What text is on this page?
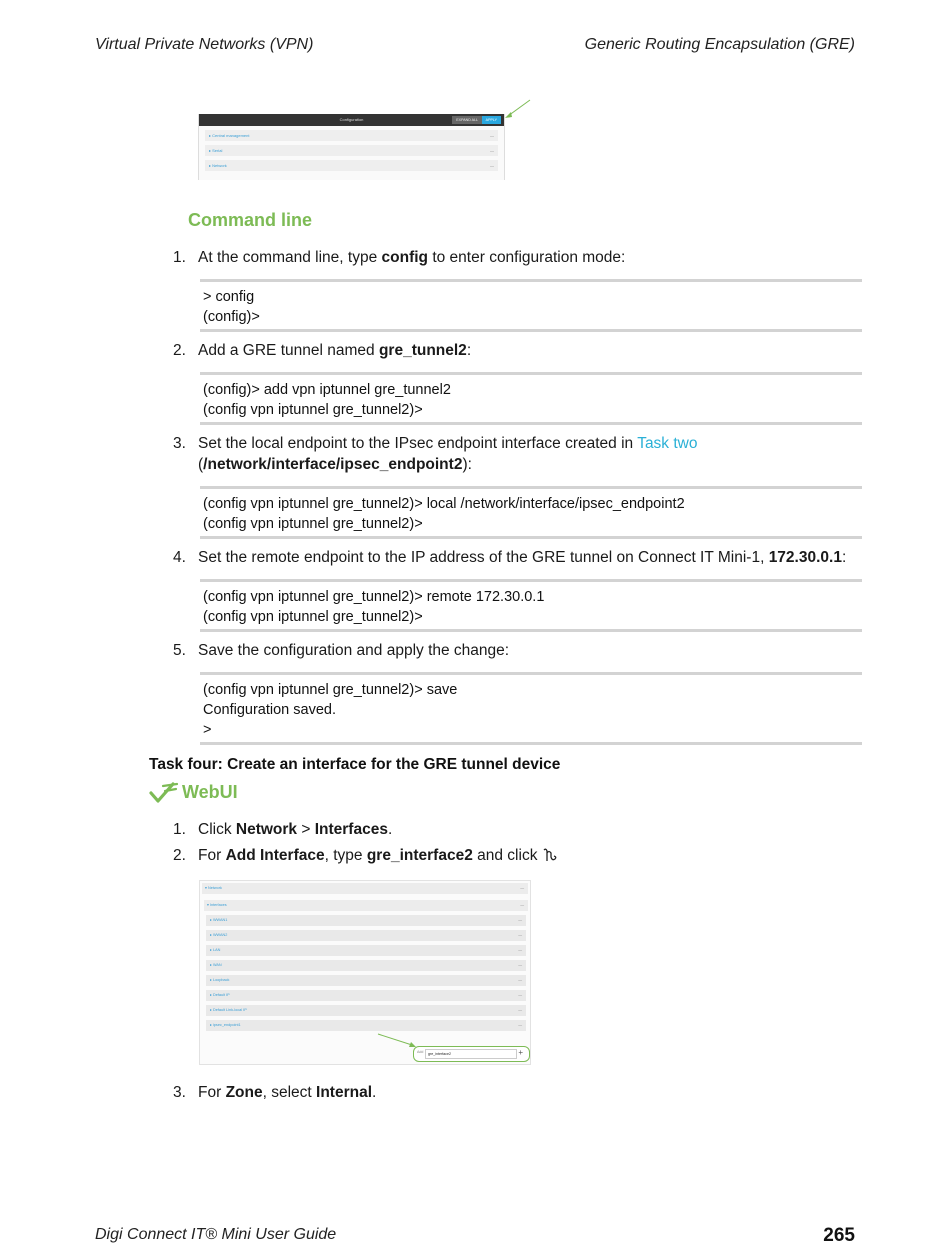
Virtual Private Networks (VPN)	Generic Routing Encapsulation (GRE)
Configuration	EXPAND ALL	APPLY
▸ Central management	—
▸ Serial	—
▸ Network	—
Command line
1. At the command line, type config to enter configuration mode:
> config
(config)>
2. Add a GRE tunnel named gre_tunnel2:
(config)> add vpn iptunnel gre_tunnel2
(config vpn iptunnel gre_tunnel2)>
3. Set the local endpoint to the IPsec endpoint interface created in Task two
(/network/interface/ipsec_endpoint2):
(config vpn iptunnel gre_tunnel2)> local /network/interface/ipsec_endpoint2
(config vpn iptunnel gre_tunnel2)>
4. Set the remote endpoint to the IP address of the GRE tunnel on Connect IT Mini-1, 172.30.0.1:
(config vpn iptunnel gre_tunnel2)> remote 172.30.0.1
(config vpn iptunnel gre_tunnel2)>
5. Save the configuration and apply the change:
(config vpn iptunnel gre_tunnel2)> save
Configuration saved.
>
Task four: Create an interface for the GRE tunnel device
WebUI
1. Click Network > Interfaces.
2. For Add Interface, type gre_interface2 and click
▾ Network	—
▾ Interfaces	—
▸ WWAN1	—
▸ WWAN2	—
▸ LAN	—
▸ WAN	—
▸ Loopback	—
▸ Default IP	—
▸ Default Link-local IP	—
▸ ipsec_endpoint1	—
Add	gre_interface2	+
3. For Zone, select Internal.
Digi Connect IT® Mini User Guide	265
